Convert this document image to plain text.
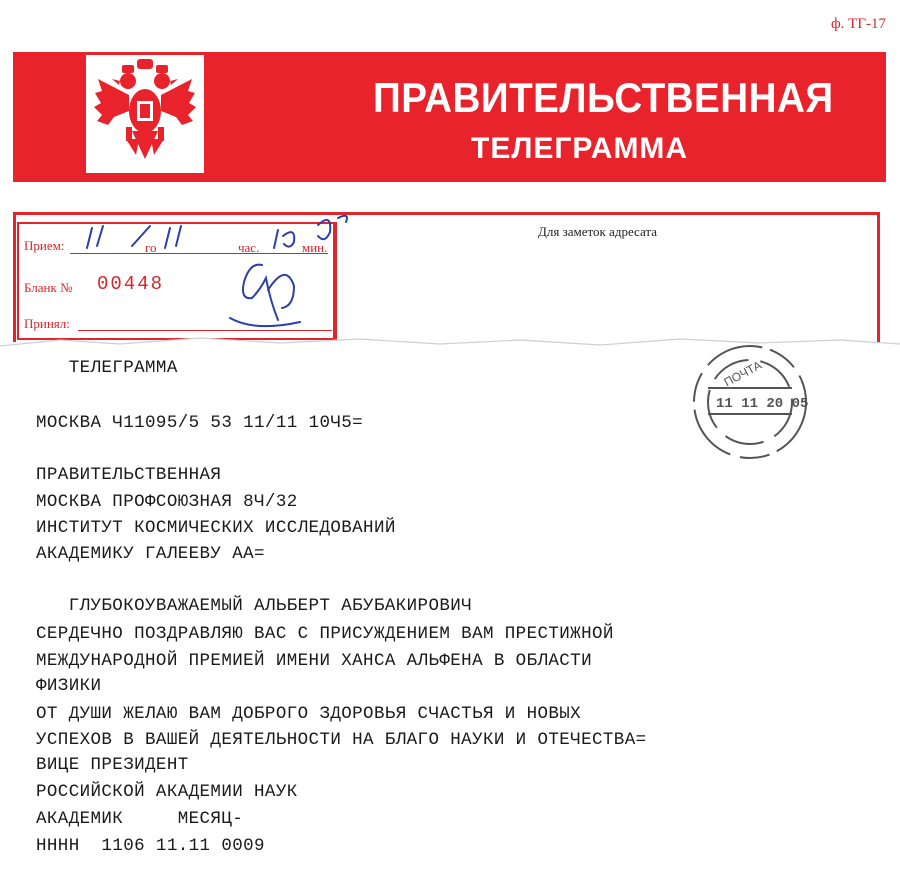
ф. ТГ-17
ПРАВИТЕЛЬСТВЕННАЯ
ТЕЛЕГРАММА
Прием:	го	час.	мин.
Бланк № 00448
Принял:
Для заметок адресата
ПОЧТА
11 11 20 05
ТЕЛЕГРАММА
МОСКВА Ч11095/5 53 11/11 10Ч5=
ПРАВИТЕЛЬСТВЕННАЯ
МОСКВА ПРОФСОЮЗНАЯ 8Ч/32
ИНСТИТУТ КОСМИЧЕСКИХ ИССЛЕДОВАНИЙ
АКАДЕМИКУ ГАЛЕЕВУ АА=
ГЛУБОКОУВАЖАЕМЫЙ АЛЬБЕРТ АБУБАКИРОВИЧ
СЕРДЕЧНО ПОЗДРАВЛЯЮ ВАС С ПРИСУЖДЕНИЕМ ВАМ ПРЕСТИЖНОЙ
МЕЖДУНАРОДНОЙ ПРЕМИЕЙ ИМЕНИ ХАНСА АЛЬФЕНА В ОБЛАСТИ
ФИЗИКИ
ОТ ДУШИ ЖЕЛАЮ ВАМ ДОБРОГО ЗДОРОВЬЯ СЧАСТЬЯ И НОВЫХ
УСПЕХОВ В ВАШЕЙ ДЕЯТЕЛЬНОСТИ НА БЛАГО НАУКИ И ОТЕЧЕСТВА=
ВИЦЕ ПРЕЗИДЕНТ
РОССИЙСКОЙ АКАДЕМИИ НАУК
АКАДЕМИК     МЕСЯЦ-
НННН  1106 11.11 0009
